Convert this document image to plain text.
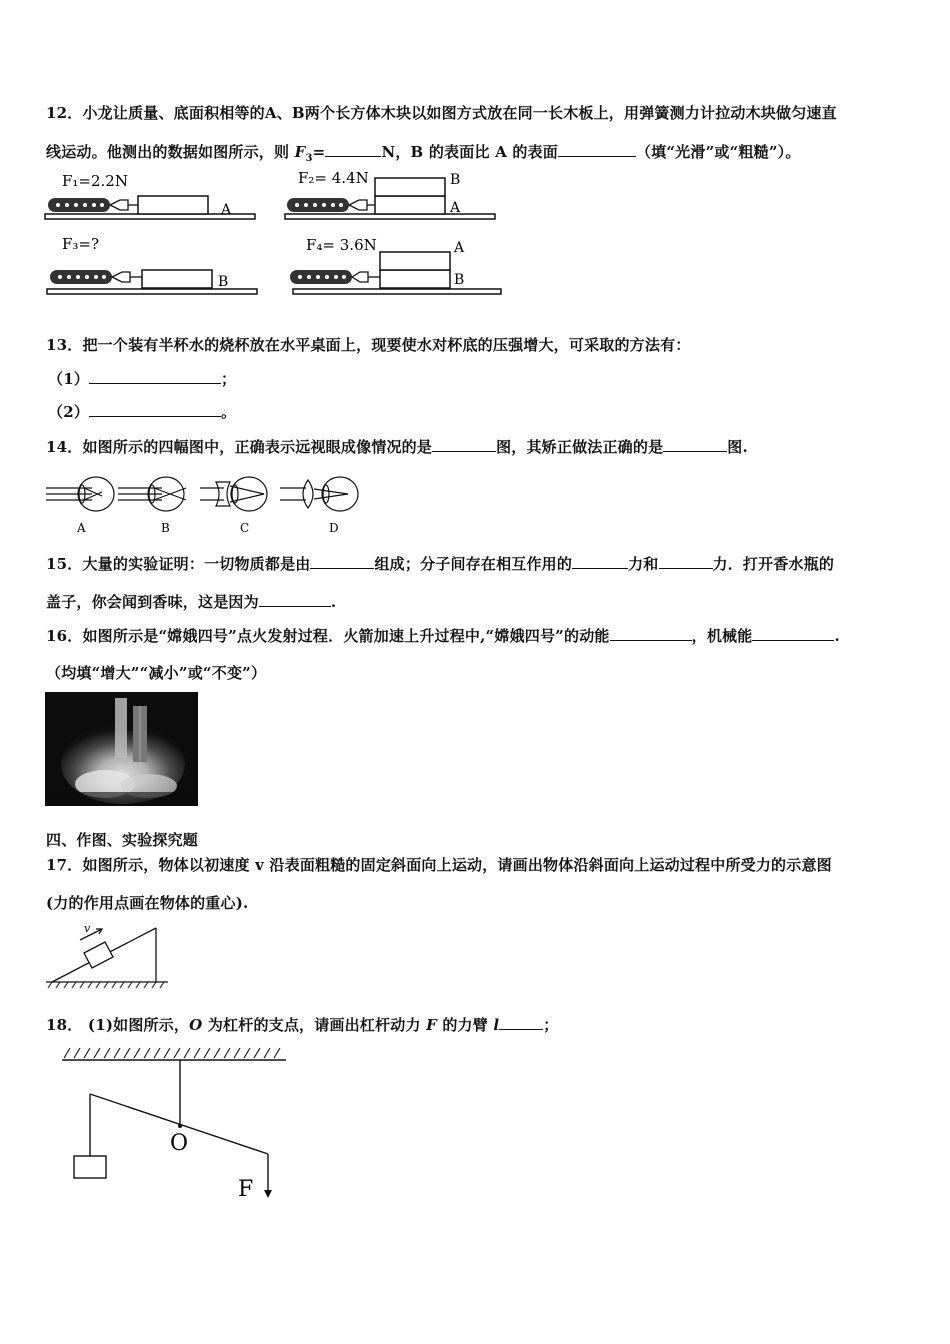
12．小龙让质量、底面积相等的A、B两个长方体木块以如图方式放在同一长木板上，用弹簧测力计拉动木块做匀速直
线运动。他测出的数据如图所示，则 $F_3=$	N，B 的表面比 A 的表面	（填“光滑”或“粗糙”）。
F₁=2.2N
A
F₂= 4.4N	B
A
F₃=?
B
F₄= 3.6N	A
B
13．把一个装有半杯水的烧杯放在水平桌面上，现要使水对杯底的压强增大，可采取的方法有：
（1）	；
（2）	。
14．如图所示的四幅图中，正确表示远视眼成像情况的是	图，其矫正做法正确的是	图.
A	B	C	D
15．大量的实验证明：一切物质都是由	组成；分子间存在相互作用的	力和	力．打开香水瓶的
盖子，你会闻到香味，这是因为	.
16．如图所示是“嫦娥四号”点火发射过程．火箭加速上升过程中,“嫦娥四号”的动能	，机械能	.
（均填“增大”“减小”或“不变”）
四、作图、实验探究题
17．如图所示，物体以初速度 v 沿表面粗糙的固定斜面向上运动，请画出物体沿斜面向上运动过程中所受力的示意图
(力的作用点画在物体的重心).
v
18． (1)如图所示，O 为杠杆的支点，请画出杠杆动力 F 的力臂 l	；
O
F
